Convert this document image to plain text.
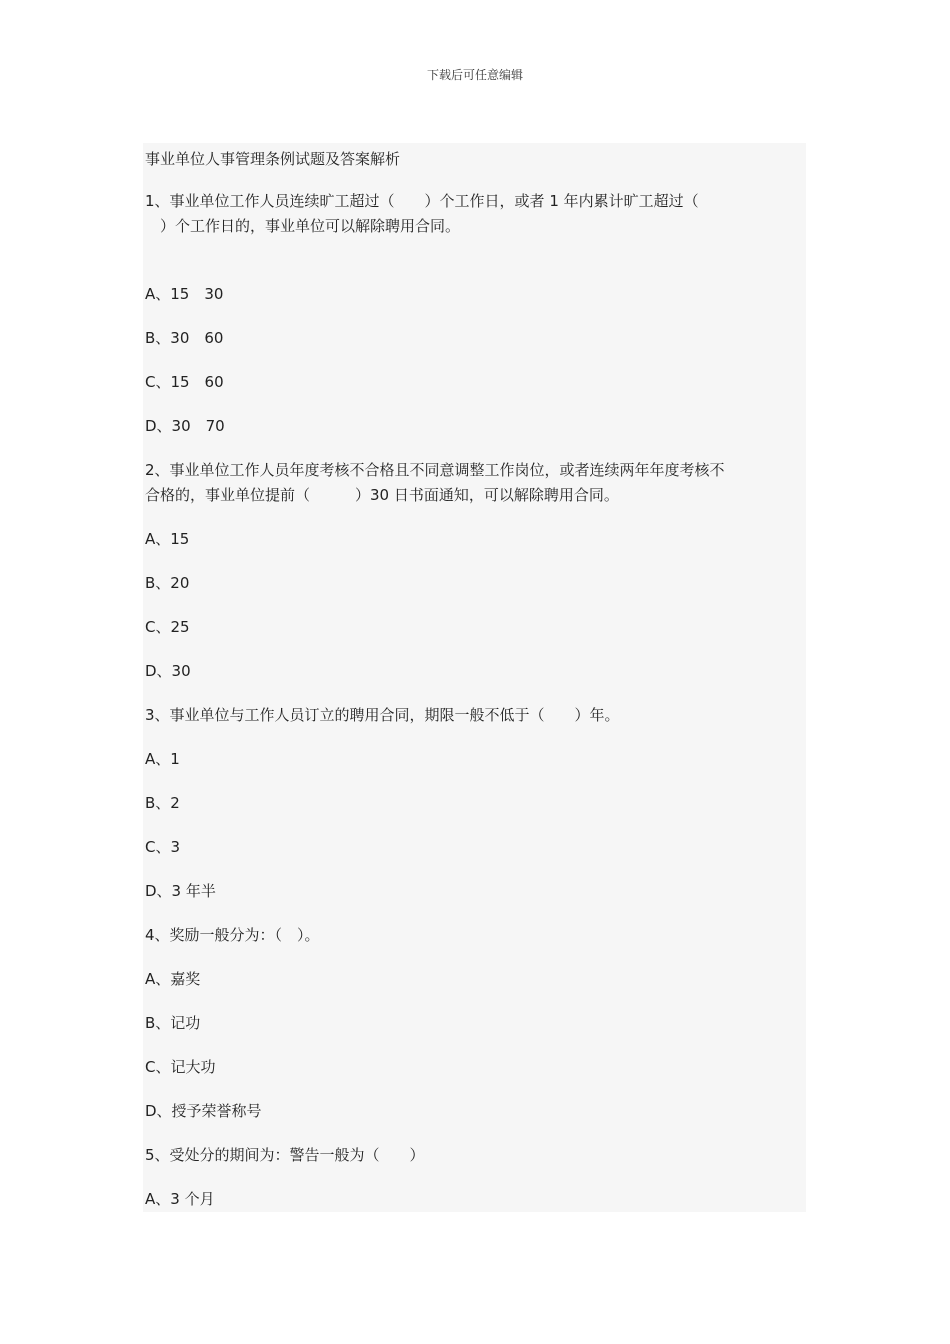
下载后可任意编辑
事业单位人事管理条例试题及答案解析
1、事业单位工作人员连续旷工超过（　　）个工作日，或者 1 年内累计旷工超过（
　）个工作日的，事业单位可以解除聘用合同。
A、15　30
B、30　60
C、15　60
D、30　70
2、事业单位工作人员年度考核不合格且不同意调整工作岗位，或者连续两年年度考核不
合格的，事业单位提前（　　　）30 日书面通知，可以解除聘用合同。
A、15
B、20
C、25
D、30
3、事业单位与工作人员订立的聘用合同，期限一般不低于（　　）年。
A、1
B、2
C、3
D、3 年半
4、奖励一般分为：（　）。
A、嘉奖
B、记功
C、记大功
D、授予荣誉称号
5、受处分的期间为：警告一般为（　　）
A、3 个月
